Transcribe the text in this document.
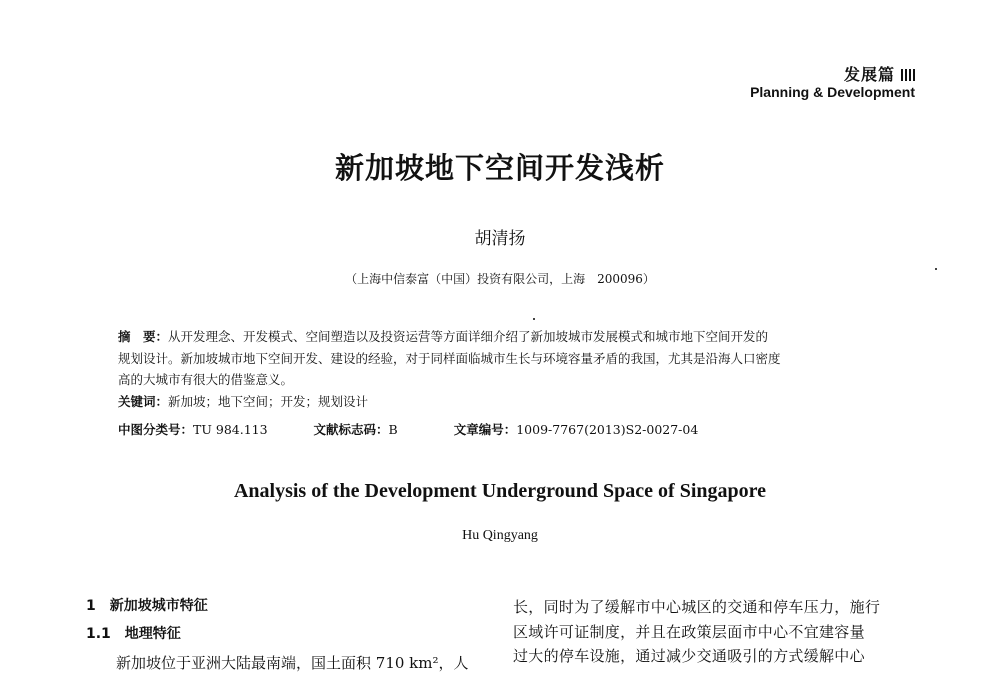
发展篇
Planning & Development
新加坡地下空间开发浅析
胡清扬
（上海中信泰富（中国）投资有限公司，上海　200096）

摘　要：从开发理念、开发模式、空间塑造以及投资运营等方面详细介绍了新加坡城市发展模式和城市地下空间开发的

规划设计。新加坡城市地下空间开发、建设的经验，对于同样面临城市生长与环境容量矛盾的我国，尤其是沿海人口密度

高的大城市有很大的借鉴意义。

关键词：新加坡；地下空间；开发；规划设计

中图分类号：TU 984.113	文献标志码：B	文章编号：1009-7767(2013)S2-0027-04
Analysis of the Development Underground Space of Singapore
Hu Qingyang
1　新加坡城市特征
1.1　地理特征
新加坡位于亚洲大陆最南端，国土面积 710 km²，人
长，同时为了缓解市中心城区的交通和停车压力，施行
区域许可证制度，并且在政策层面市中心不宜建容量
过大的停车设施，通过减少交通吸引的方式缓解中心
